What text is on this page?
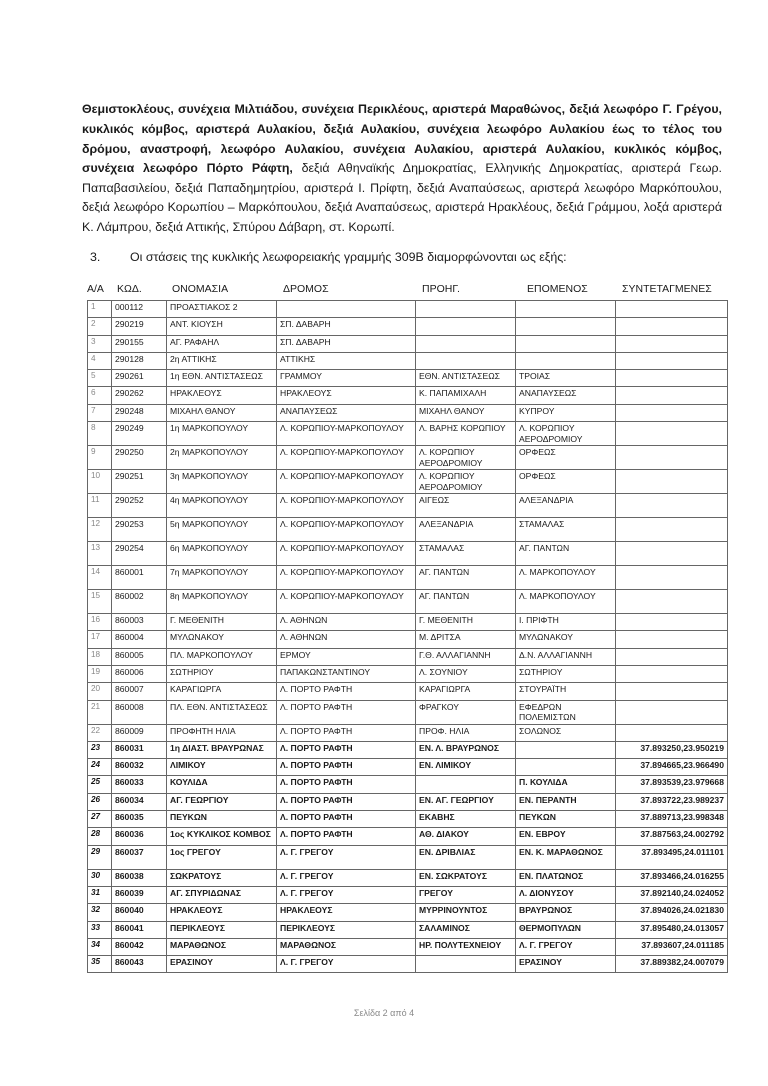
Θεμιστοκλέους, συνέχεια Μιλτιάδου, συνέχεια Περικλέους, αριστερά Μαραθώνος, δεξιά λεωφόρο Γ. Γρέγου, κυκλικός κόμβος, αριστερά Αυλακίου, δεξιά Αυλακίου, συνέχεια λεωφόρο Αυλακίου έως το τέλος του δρόμου, αναστροφή, λεωφόρο Αυλακίου, συνέχεια Αυλακίου, αριστερά Αυλακίου, κυκλικός κόμβος, συνέχεια λεωφόρο Πόρτο Ράφτη, δεξιά Αθηναϊκής Δημοκρατίας, Ελληνικής Δημοκρατίας, αριστερά Γεωρ. Παπαβασιλείου, δεξιά Παπαδημητρίου, αριστερά Ι. Πρίφτη, δεξιά Αναπαύσεως, αριστερά λεωφόρο Μαρκόπουλου, δεξιά λεωφόρο Κορωπίου – Μαρκόπουλου, δεξιά Αναπαύσεως, αριστερά Ηρακλέους, δεξιά Γράμμου, λοξά αριστερά Κ. Λάμπρου, δεξιά Αττικής, Σπύρου Δάβαρη, στ. Κορωπί.

3. Οι στάσεις της κυκλικής λεωφορειακής γραμμής 309Β διαμορφώνονται ως εξής:
Α/Α ΚΩΔ.	ΟΝΟΜΑΣΙΑ	ΔΡΟΜΟΣ	ΠΡΟΗΓ.	ΕΠΟΜΕΝΟΣ	ΣΥΝΤΕΤΑΓΜΕΝΕΣ
1	000112	ΠΡΟΑΣΤΙΑΚΟΣ 2				
2	290219	ΑΝΤ. ΚΙΟΥΣΗ	ΣΠ. ΔΑΒΑΡΗ			
3	290155	ΑΓ. ΡΑΦΑΗΛ	ΣΠ. ΔΑΒΑΡΗ			
4	290128	2η ΑΤΤΙΚΗΣ	ΑΤΤΙΚΗΣ			
5	290261	1η ΕΘΝ. ΑΝΤΙΣΤΑΣΕΩΣ	ΓΡΑΜΜΟΥ	ΕΘΝ. ΑΝΤΙΣΤΑΣΕΩΣ	ΤΡΟΙΑΣ	
6	290262	ΗΡΑΚΛΕΟΥΣ	ΗΡΑΚΛΕΟΥΣ	Κ. ΠΑΠΑΜΙΧΑΛΗ	ΑΝΑΠΑΥΣΕΩΣ	
7	290248	ΜΙΧΑΗΛ ΘΑΝΟΥ	ΑΝΑΠΑΥΣΕΩΣ	ΜΙΧΑΗΛ ΘΑΝΟΥ	ΚΥΠΡΟΥ	
8	290249	1η ΜΑΡΚΟΠΟΥΛΟΥ	Λ. ΚΟΡΩΠΙΟΥ-ΜΑΡΚΟΠΟΥΛΟΥ	Λ. ΒΑΡΗΣ ΚΟΡΩΠΙΟΥ	Λ. ΚΟΡΩΠΙΟΥ ΑΕΡΟΔΡΟΜΙΟΥ	
9	290250	2η ΜΑΡΚΟΠΟΥΛΟΥ	Λ. ΚΟΡΩΠΙΟΥ-ΜΑΡΚΟΠΟΥΛΟΥ	Λ. ΚΟΡΩΠΙΟΥ ΑΕΡΟΔΡΟΜΙΟΥ	ΟΡΦΕΩΣ	
10	290251	3η ΜΑΡΚΟΠΟΥΛΟΥ	Λ. ΚΟΡΩΠΙΟΥ-ΜΑΡΚΟΠΟΥΛΟΥ	Λ. ΚΟΡΩΠΙΟΥ ΑΕΡΟΔΡΟΜΙΟΥ	ΟΡΦΕΩΣ	
11	290252	4η ΜΑΡΚΟΠΟΥΛΟΥ	Λ. ΚΟΡΩΠΙΟΥ-ΜΑΡΚΟΠΟΥΛΟΥ	ΑΙΓΕΩΣ	ΑΛΕΞΑΝΔΡΙΑ	
12	290253	5η ΜΑΡΚΟΠΟΥΛΟΥ	Λ. ΚΟΡΩΠΙΟΥ-ΜΑΡΚΟΠΟΥΛΟΥ	ΑΛΕΞΑΝΔΡΙΑ	ΣΤΑΜΑΛΑΣ	
13	290254	6η ΜΑΡΚΟΠΟΥΛΟΥ	Λ. ΚΟΡΩΠΙΟΥ-ΜΑΡΚΟΠΟΥΛΟΥ	ΣΤΑΜΑΛΑΣ	ΑΓ. ΠΑΝΤΩΝ	
14	860001	7η ΜΑΡΚΟΠΟΥΛΟΥ	Λ. ΚΟΡΩΠΙΟΥ-ΜΑΡΚΟΠΟΥΛΟΥ	ΑΓ. ΠΑΝΤΩΝ	Λ. ΜΑΡΚΟΠΟΥΛΟΥ	
15	860002	8η ΜΑΡΚΟΠΟΥΛΟΥ	Λ. ΚΟΡΩΠΙΟΥ-ΜΑΡΚΟΠΟΥΛΟΥ	ΑΓ. ΠΑΝΤΩΝ	Λ. ΜΑΡΚΟΠΟΥΛΟΥ	
16	860003	Γ. ΜΕΘΕΝΙΤΗ	Λ. ΑΘΗΝΩΝ	Γ. ΜΕΘΕΝΙΤΗ	Ι. ΠΡΙΦΤΗ	
17	860004	ΜΥΛΩΝΑΚΟΥ	Λ. ΑΘΗΝΩΝ	Μ. ΔΡΙΤΣΑ	ΜΥΛΩΝΑΚΟΥ	
18	860005	ΠΛ. ΜΑΡΚΟΠΟΥΛΟΥ	ΕΡΜΟΥ	Γ.Θ. ΑΛΛΑΓΙΑΝΝΗ	Δ.Ν. ΑΛΛΑΓΙΑΝΝΗ	
19	860006	ΣΩΤΗΡΙΟΥ	ΠΑΠΑΚΩΝΣΤΑΝΤΙΝΟΥ	Λ. ΣΟΥΝΙΟΥ	ΣΩΤΗΡΙΟΥ	
20	860007	ΚΑΡΑΓΙΩΡΓΑ	Λ. ΠΟΡΤΟ ΡΑΦΤΗ	ΚΑΡΑΓΙΩΡΓΑ	ΣΤΟΥΡΑΪΤΗ	
21	860008	ΠΛ. ΕΘΝ. ΑΝΤΙΣΤΑΣΕΩΣ	Λ. ΠΟΡΤΟ ΡΑΦΤΗ	ΦΡΑΓΚΟΥ	ΕΦΕΔΡΩΝ ΠΟΛΕΜΙΣΤΩΝ	
22	860009	ΠΡΟΦΗΤΗ ΗΛΙΑ	Λ. ΠΟΡΤΟ ΡΑΦΤΗ	ΠΡΟΦ. ΗΛΙΑ	ΣΟΛΩΝΟΣ	
23	860031	1η ΔΙΑΣΤ. ΒΡΑΥΡΩΝΑΣ	Λ. ΠΟΡΤΟ ΡΑΦΤΗ	ΕΝ. Λ. ΒΡΑΥΡΩΝΟΣ		37.893250,23.950219
24	860032	ΛΙΜΙΚΟΥ	Λ. ΠΟΡΤΟ ΡΑΦΤΗ	ΕΝ. ΛΙΜΙΚΟΥ		37.894665,23.966490
25	860033	ΚΟΥΛΙΔΑ	Λ. ΠΟΡΤΟ ΡΑΦΤΗ		Π. ΚΟΥΛΙΔΑ	37.893539,23.979668
26	860034	ΑΓ. ΓΕΩΡΓΙΟΥ	Λ. ΠΟΡΤΟ ΡΑΦΤΗ	ΕΝ. ΑΓ. ΓΕΩΡΓΙΟΥ	ΕΝ. ΠΕΡΑΝΤΗ	37.893722,23.989237
27	860035	ΠΕΥΚΩΝ	Λ. ΠΟΡΤΟ ΡΑΦΤΗ	ΕΚΑΒΗΣ	ΠΕΥΚΩΝ	37.889713,23.998348
28	860036	1ος ΚΥΚΛΙΚΟΣ ΚΟΜΒΟΣ	Λ. ΠΟΡΤΟ ΡΑΦΤΗ	ΑΘ. ΔΙΑΚΟΥ	ΕΝ. ΕΒΡΟΥ	37.887563,24.002792
29	860037	1ος ΓΡΕΓΟΥ	Λ. Γ. ΓΡΕΓΟΥ	ΕΝ. ΔΡΙΒΛΙΑΣ	ΕΝ. Κ. ΜΑΡΑΘΩΝΟΣ	37.893495,24.011101
30	860038	ΣΩΚΡΑΤΟΥΣ	Λ. Γ. ΓΡΕΓΟΥ	ΕΝ. ΣΩΚΡΑΤΟΥΣ	ΕΝ. ΠΛΑΤΩΝΟΣ	37.893466,24.016255
31	860039	ΑΓ. ΣΠΥΡΙΔΩΝΑΣ	Λ. Γ. ΓΡΕΓΟΥ	ΓΡΕΓΟΥ	Λ. ΔΙΟΝΥΣΟΥ	37.892140,24.024052
32	860040	ΗΡΑΚΛΕΟΥΣ	ΗΡΑΚΛΕΟΥΣ	ΜΥΡΡΙΝΟΥΝΤΟΣ	ΒΡΑΥΡΩΝΟΣ	37.894026,24.021830
33	860041	ΠΕΡΙΚΛΕΟΥΣ	ΠΕΡΙΚΛΕΟΥΣ	ΣΑΛΑΜΙΝΟΣ	ΘΕΡΜΟΠΥΛΩΝ	37.895480,24.013057
34	860042	ΜΑΡΑΘΩΝΟΣ	ΜΑΡΑΘΩΝΟΣ	ΗΡ. ΠΟΛΥΤΕΧΝΕΙΟΥ	Λ. Γ. ΓΡΕΓΟΥ	37.893607,24.011185
35	860043	ΕΡΑΣΙΝΟΥ	Λ. Γ. ΓΡΕΓΟΥ		ΕΡΑΣΙΝΟΥ	37.889382,24.007079
Σελίδα 2 από 4
